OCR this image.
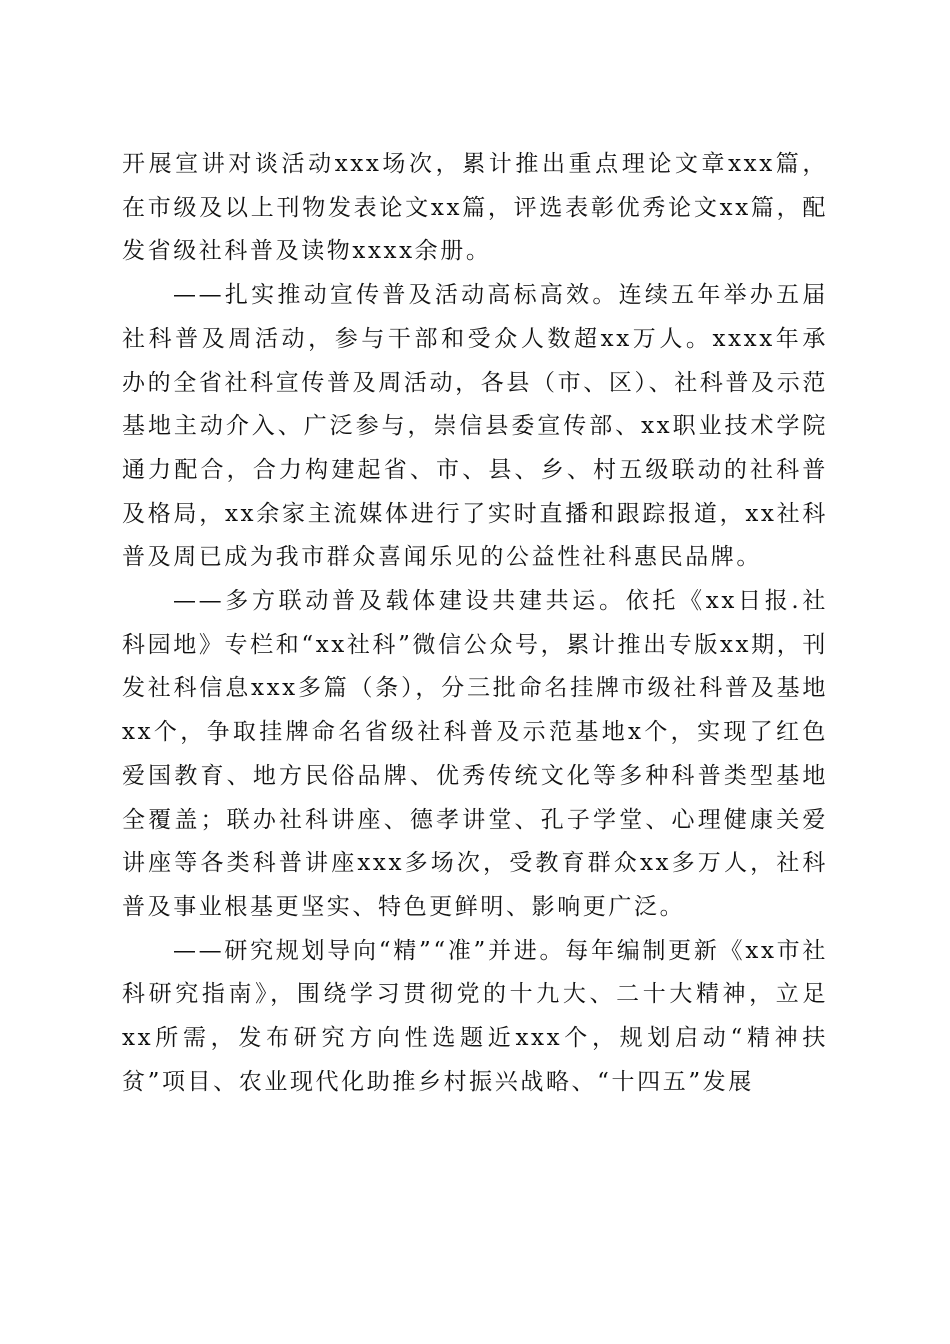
开展宣讲对谈活动xxx场次，累计推出重点理论文章xxx篇，在市级及以上刊物发表论文xx篇，评选表彰优秀论文xx篇，配发省级社科普及读物xxxx余册。

——扎实推动宣传普及活动高标高效。连续五年举办五届社科普及周活动，参与干部和受众人数超xx万人。xxxx年承办的全省社科宣传普及周活动，各县（市、区）、社科普及示范基地主动介入、广泛参与，崇信县委宣传部、xx职业技术学院通力配合，合力构建起省、市、县、乡、村五级联动的社科普及格局，xx余家主流媒体进行了实时直播和跟踪报道，xx社科普及周已成为我市群众喜闻乐见的公益性社科惠民品牌。

——多方联动普及载体建设共建共运。依托《xx日报.社科园地》专栏和“xx社科”微信公众号，累计推出专版xx期，刊发社科信息xxx多篇（条），分三批命名挂牌市级社科普及基地xx个，争取挂牌命名省级社科普及示范基地x个，实现了红色爱国教育、地方民俗品牌、优秀传统文化等多种科普类型基地全覆盖；联办社科讲座、德孝讲堂、孔子学堂、心理健康关爱讲座等各类科普讲座xxx多场次，受教育群众xx多万人，社科普及事业根基更坚实、特色更鲜明、影响更广泛。

——研究规划导向“精”“准”并进。每年编制更新《xx市社科研究指南》，围绕学习贯彻党的十九大、二十大精神，立足xx所需，发布研究方向性选题近xxx个，规划启动“精神扶贫”项目、农业现代化助推乡村振兴战略、“十四五”发展
